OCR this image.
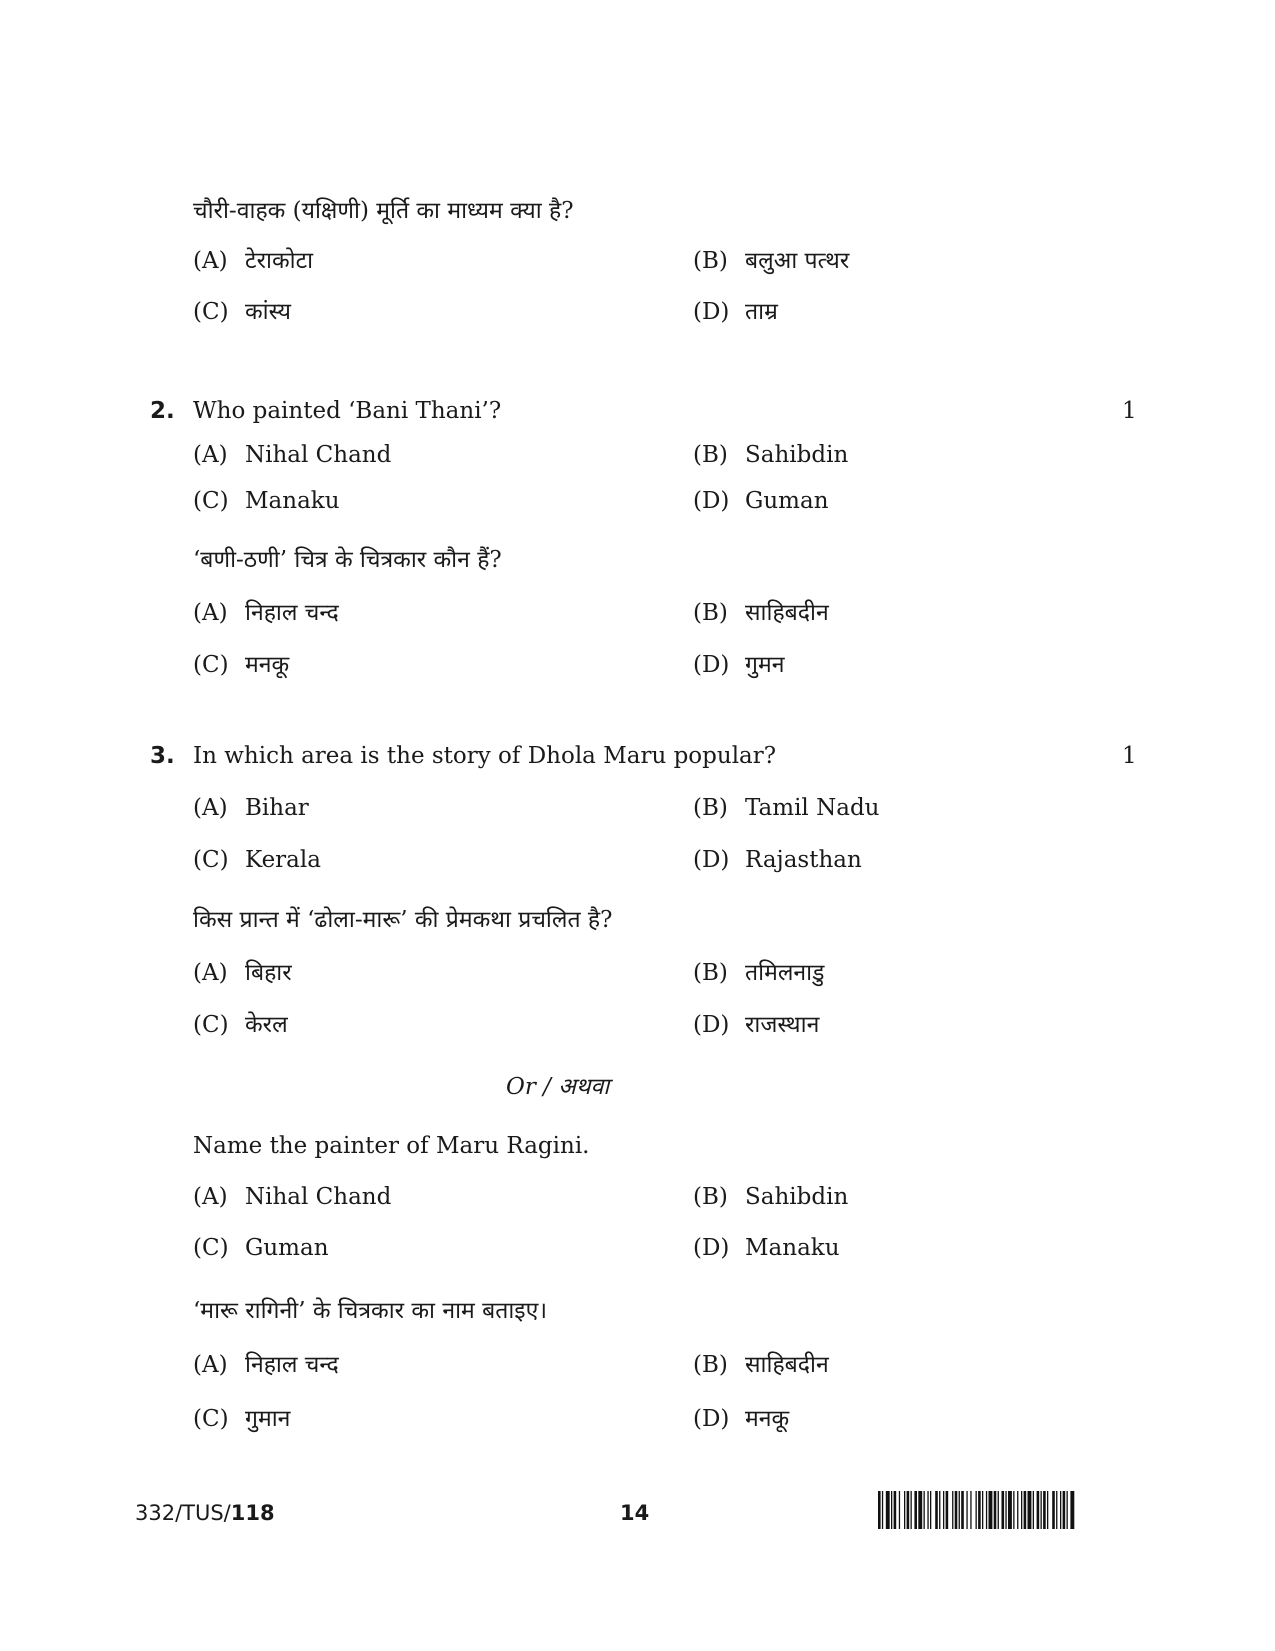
चौरी-वाहक (यक्षिणी) मूर्ति का माध्यम क्या है?
(A) टेराकोटा	(B) बलुआ पत्थर
(C) कांस्य	(D) ताम्र
2. Who painted ‘Bani Thani’?	1
(A) Nihal Chand	(B) Sahibdin
(C) Manaku	(D) Guman
‘बणी-ठणी’ चित्र के चित्रकार कौन हैं?
(A) निहाल चन्द	(B) साहिबदीन
(C) मनकू	(D) गुमन
3. In which area is the story of Dhola Maru popular?	1
(A) Bihar	(B) Tamil Nadu
(C) Kerala	(D) Rajasthan
किस प्रान्त में ‘ढोला-मारू’ की प्रेमकथा प्रचलित है?
(A) बिहार	(B) तमिलनाडु
(C) केरल	(D) राजस्थान
Or / अथवा
Name the painter of Maru Ragini.
(A) Nihal Chand	(B) Sahibdin
(C) Guman	(D) Manaku
‘मारू रागिनी’ के चित्रकार का नाम बताइए।
(A) निहाल चन्द	(B) साहिबदीन
(C) गुमान	(D) मनकू
332/TUS/118	14
